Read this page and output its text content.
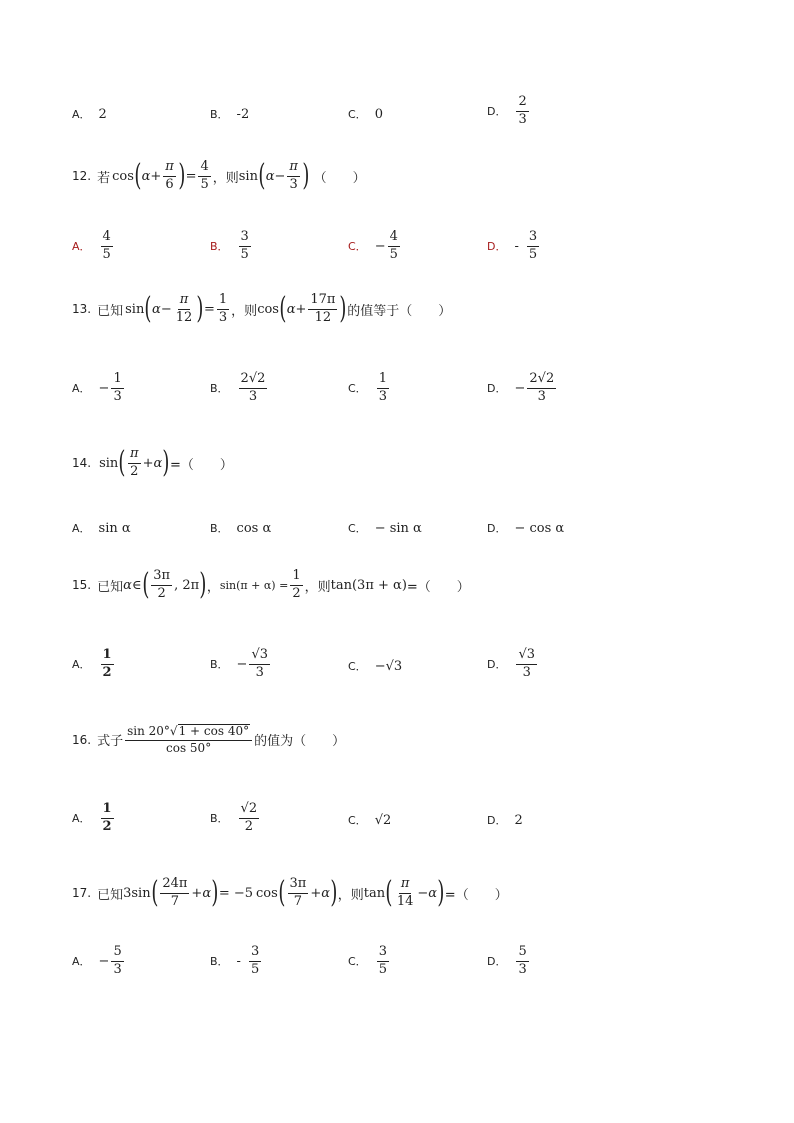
A． 2	B． -2	C． 0	D． $\frac{2}{3}$
12. 若 cos ( $\alpha + \frac{\pi}{6}$ ) = $\frac{4}{5}$ ，则 sin ( $\alpha - \frac{\pi}{3}$ ) （　　）
A． $\frac{4}{5}$	B． $\frac{3}{5}$	C． − $\frac{4}{5}$	D． - $\frac{3}{5}$
13. 已知 sin ( $\alpha - \frac{\pi}{12}$ ) = $\frac{1}{3}$ ，则 cos ( $\alpha + \frac{17\pi}{12}$ ) 的值等于（　　）
A． − $\frac{1}{3}$	B． $\frac{2√2}{3}$	C． $\frac{1}{3}$	D． − $\frac{2√2}{3}$
14. sin ( $\frac{\pi}{2} + \alpha$ ) =（　　）
A． sin α	B． cos α	C． − sin α	D． − cos α
15. 已知 α ∈ ( $\frac{3\pi}{2}$ , 2π ) ， $\sin(\pi + \alpha) = \frac{1}{2}$ ，则 tan ( 3π + α ) =（　　）
A． $\frac{1}{2}$	B． − $\frac{√3}{3}$	C． −√3	D． $\frac{√3}{3}$
16. 式子 $\frac{\sin 20^\circ √ 1 + \cos 40^\circ}{\cos 50^\circ}$ 的值为（　　）
A． $\frac{1}{2}$	B． $\frac{√2}{2}$	C． √2	D． 2
17. 已知 3 sin ( $\frac{24\pi}{7} + \alpha$ ) = −5 cos ( $\frac{3\pi}{7} + \alpha$ ) ，则 tan ( $\frac{\pi}{14} - \alpha$ ) =（　　）
A． − $\frac{5}{3}$	B． - $\frac{3}{5}$	C． $\frac{3}{5}$	D． $\frac{5}{3}$
